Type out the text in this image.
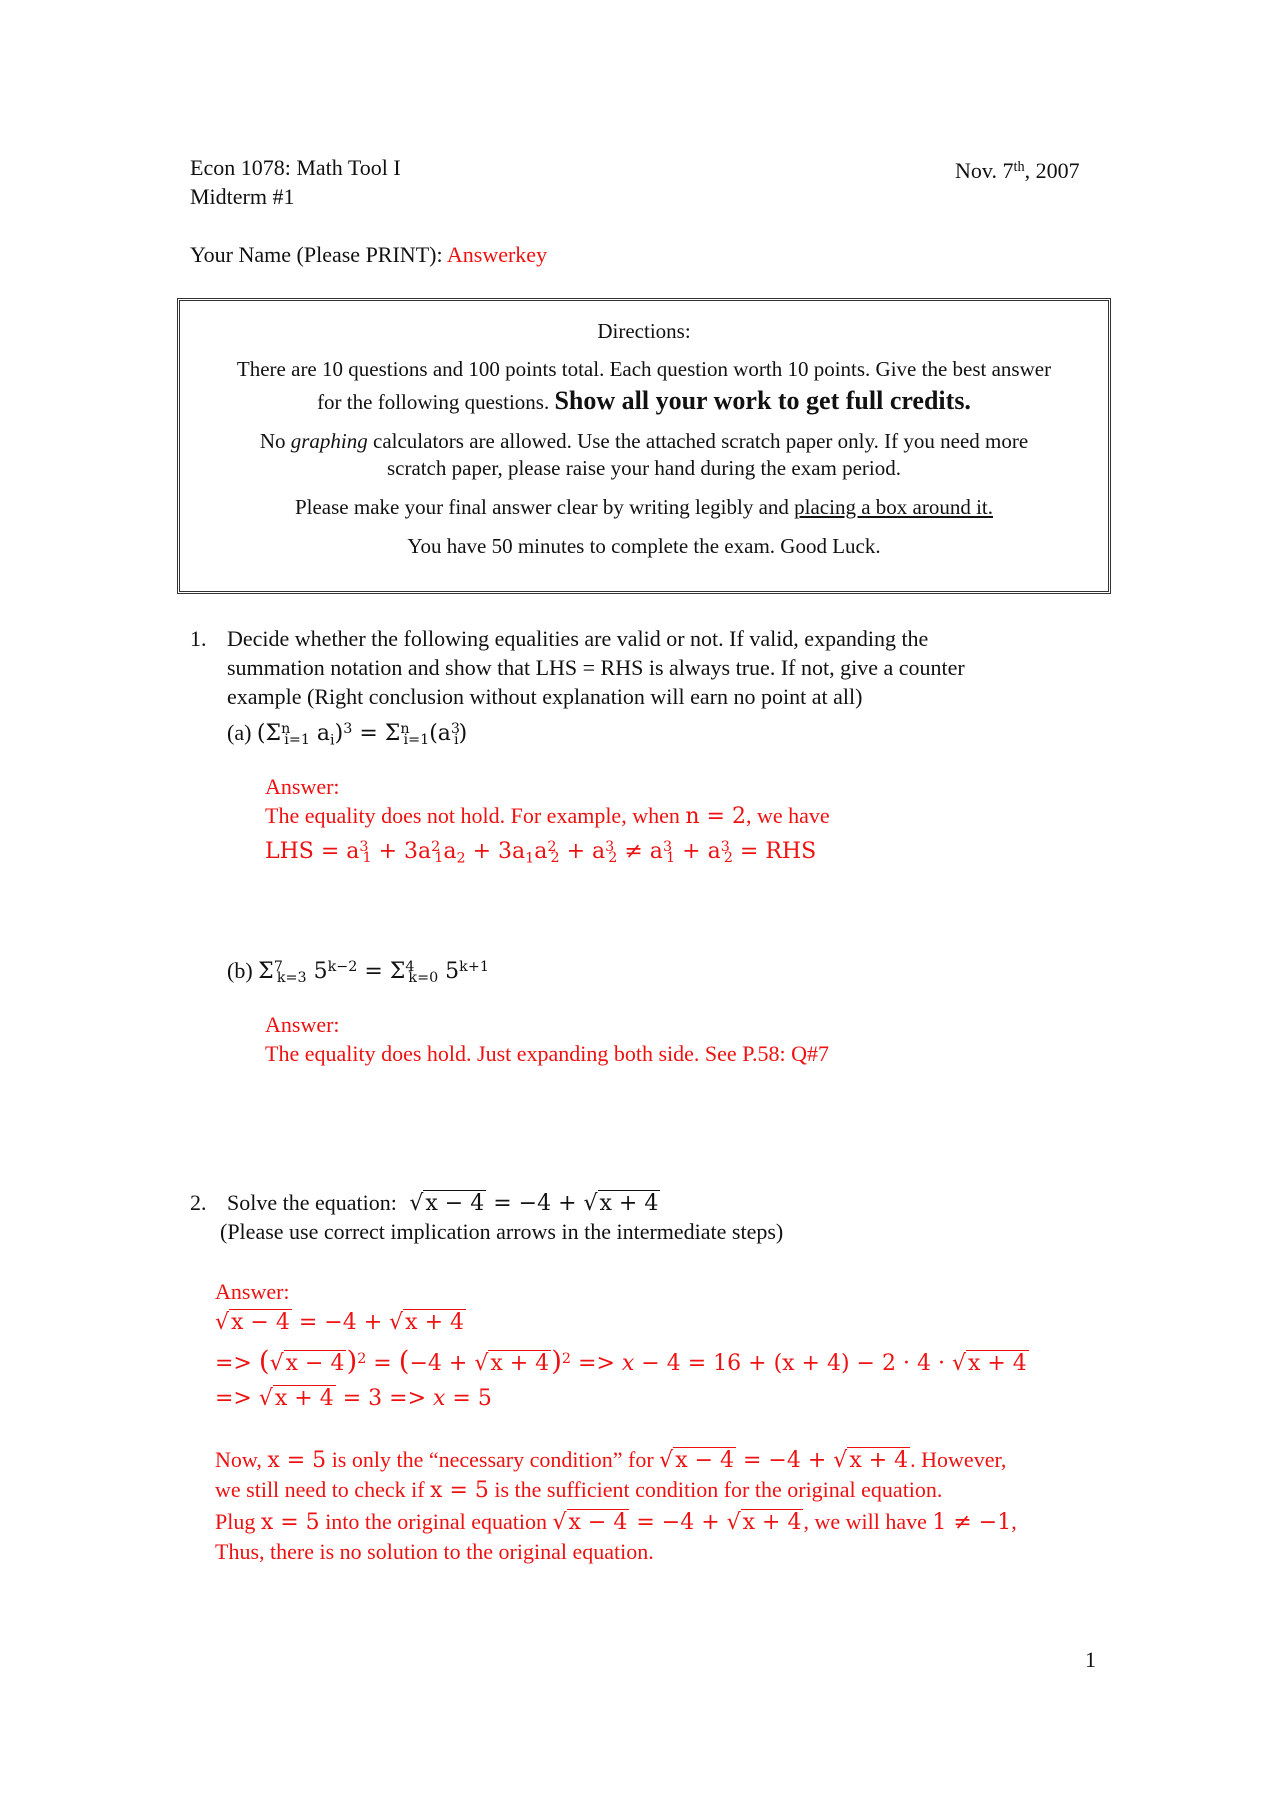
Econ 1078: Math Tool I
Midterm #1
Nov. 7th, 2007
Your Name (Please PRINT): Answerkey
Directions:
There are 10 questions and 100 points total. Each question worth 10 points. Give the best answer
for the following questions. Show all your work to get full credits.
No graphing calculators are allowed. Use the attached scratch paper only. If you need more
scratch paper, please raise your hand during the exam period.
Please make your final answer clear by writing legibly and placing a box around it.
You have 50 minutes to complete the exam. Good Luck.
1. Decide whether the following equalities are valid or not. If valid, expanding the
summation notation and show that LHS = RHS is always true. If not, give a counter
example (Right conclusion without explanation will earn no point at all)
(a) ($\Sigma^n_{i=1}$ $a_i)^3 = \Sigma^n_{i=1}(a^3_i)$
Answer:
The equality does not hold. For example, when n = 2, we have
LHS = $a^3_1 + 3a^2_1a_2 + 3a_1a^2_2 + a^3_2 \ne a^3_1 + a^3_2$ = RHS
(b) $\Sigma^7_{k=3}$ $5^{k-2} = \Sigma^4_{k=0}$ $5^{k+1}$
Answer:
The equality does hold. Just expanding both side. See P.58: Q#7
2. Solve the equation: √x − 4 = −4 + √x + 4
(Please use correct implication arrows in the intermediate steps)
Answer:
√x − 4 = −4 + √x + 4
=> $(√x - 4)^2 = (-4 + √x + 4)^2 => x - 4 = 16 + (x + 4) - 2 \cdot 4 \cdot √x + 4$
=> √x + 4 = 3 => x = 5
Now, x = 5 is only the “necessary condition” for √x − 4 = −4 + √x + 4. However,
we still need to check if x = 5 is the sufficient condition for the original equation.
Plug x = 5 into the original equation √x − 4 = −4 + √x + 4, we will have 1 ≠ −1,
Thus, there is no solution to the original equation.
1
